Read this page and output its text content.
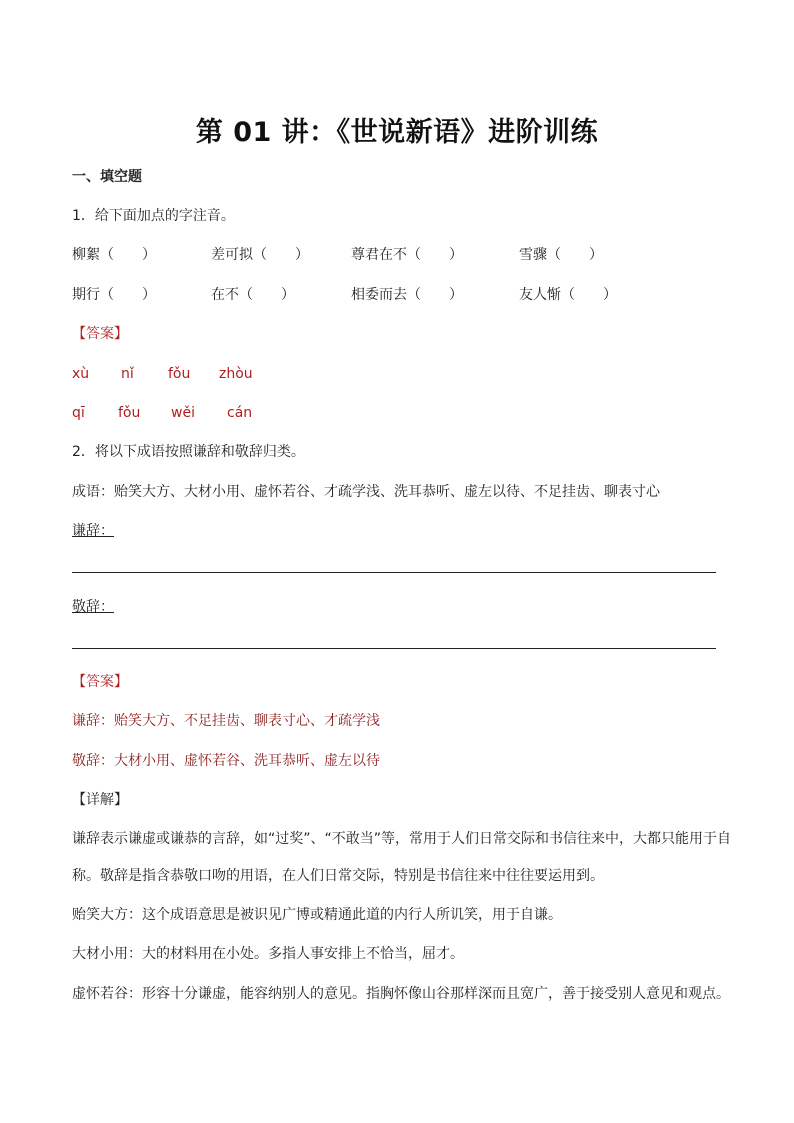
第 01 讲：《世说新语》进阶训练
一、填空题
1．给下面加点的字注音。
柳絮（　　）	差可拟（　　）	尊君在不（　　）	雪骤（　　）
期行（　　）	在不（　　）	相委而去（　　）	友人惭（　　）
【答案】
xù nǐ fǒu zhòu
qī fǒu wěi cán
2．将以下成语按照谦辞和敬辞归类。
成语：贻笑大方、大材小用、虚怀若谷、才疏学浅、洗耳恭听、虚左以待、不足挂齿、聊表寸心
谦辞：
敬辞：
【答案】
谦辞：贻笑大方、不足挂齿、聊表寸心、才疏学浅
敬辞：大材小用、虚怀若谷、洗耳恭听、虚左以待
【详解】
谦辞表示谦虚或谦恭的言辞，如“过奖”、“不敢当”等，常用于人们日常交际和书信往来中，大都只能用于自
称。敬辞是指含恭敬口吻的用语，在人们日常交际，特别是书信往来中往往要运用到。
贻笑大方：这个成语意思是被识见广博或精通此道的内行人所讥笑，用于自谦。
大材小用：大的材料用在小处。多指人事安排上不恰当，屈才。
虚怀若谷：形容十分谦虚，能容纳别人的意见。指胸怀像山谷那样深而且宽广，善于接受别人意见和观点。
